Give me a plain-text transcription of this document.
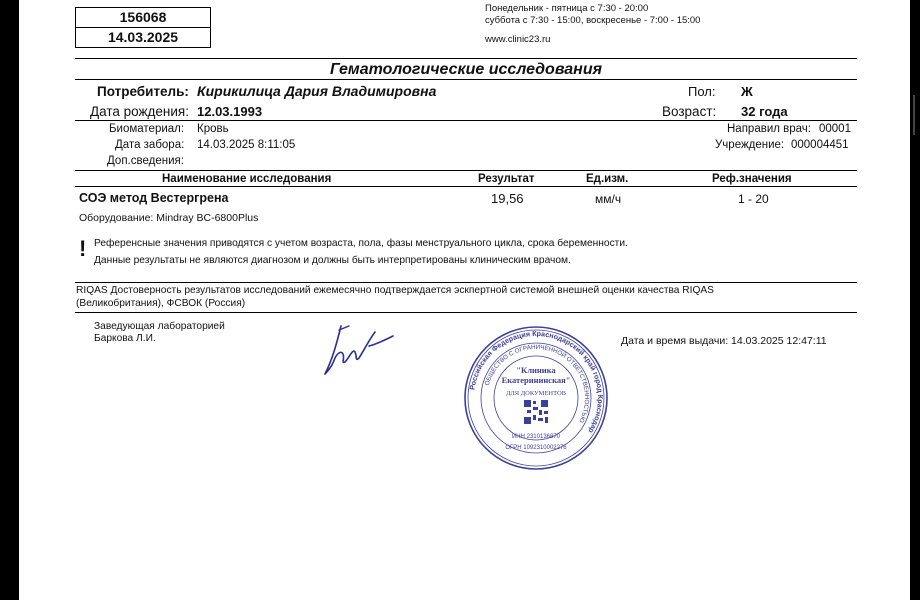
156068
14.03.2025
Понедельник - пятница с 7:30 - 20:00
суббота с 7:30 - 15:00, воскресенье - 7:00 - 15:00
www.clinic23.ru
Гематологические исследования
Потребитель: Кирикилица Дария Владимировна	Пол: Ж
Дата рождения: 12.03.1993	Возраст: 32 года
Биоматериал: Кровь	Направил врач: 00001
Дата забора: 14.03.2025 8:11:05	Учреждение: 000004451
Доп.сведения:
Наименование исследования	Результат	Ед.изм.	Реф.значения
СОЭ метод Вестергрена	19,56	мм/ч	1 - 20
Оборудование: Mindray BC-6800Plus
! Референсные значения приводятся с учетом возраста, пола, фазы менструального цикла, срока беременности.
Данные результаты не являются диагнозом и должны быть интерпретированы клиническим врачом.
RIQAS Достоверность результатов исследований ежемесячно подтверждается эскпертной системой внешней оценки качества RIQAS
(Великобритания), ФСВОК (Россия)
Заведующая лабораторией
Баркова Л.И.	Дата и время выдачи: 14.03.2025 12:47:11
Российская Федерация Краснодарский край город Краснодар
ОБЩЕСТВО С ОГРАНИЧЕННОЙ ОТВЕТСТВЕННОСТЬЮ
"Клиника
Екатерининская"
ДЛЯ ДОКУМЕНТОВ
ИНН 2310136870
ОГРН 1092310002276
